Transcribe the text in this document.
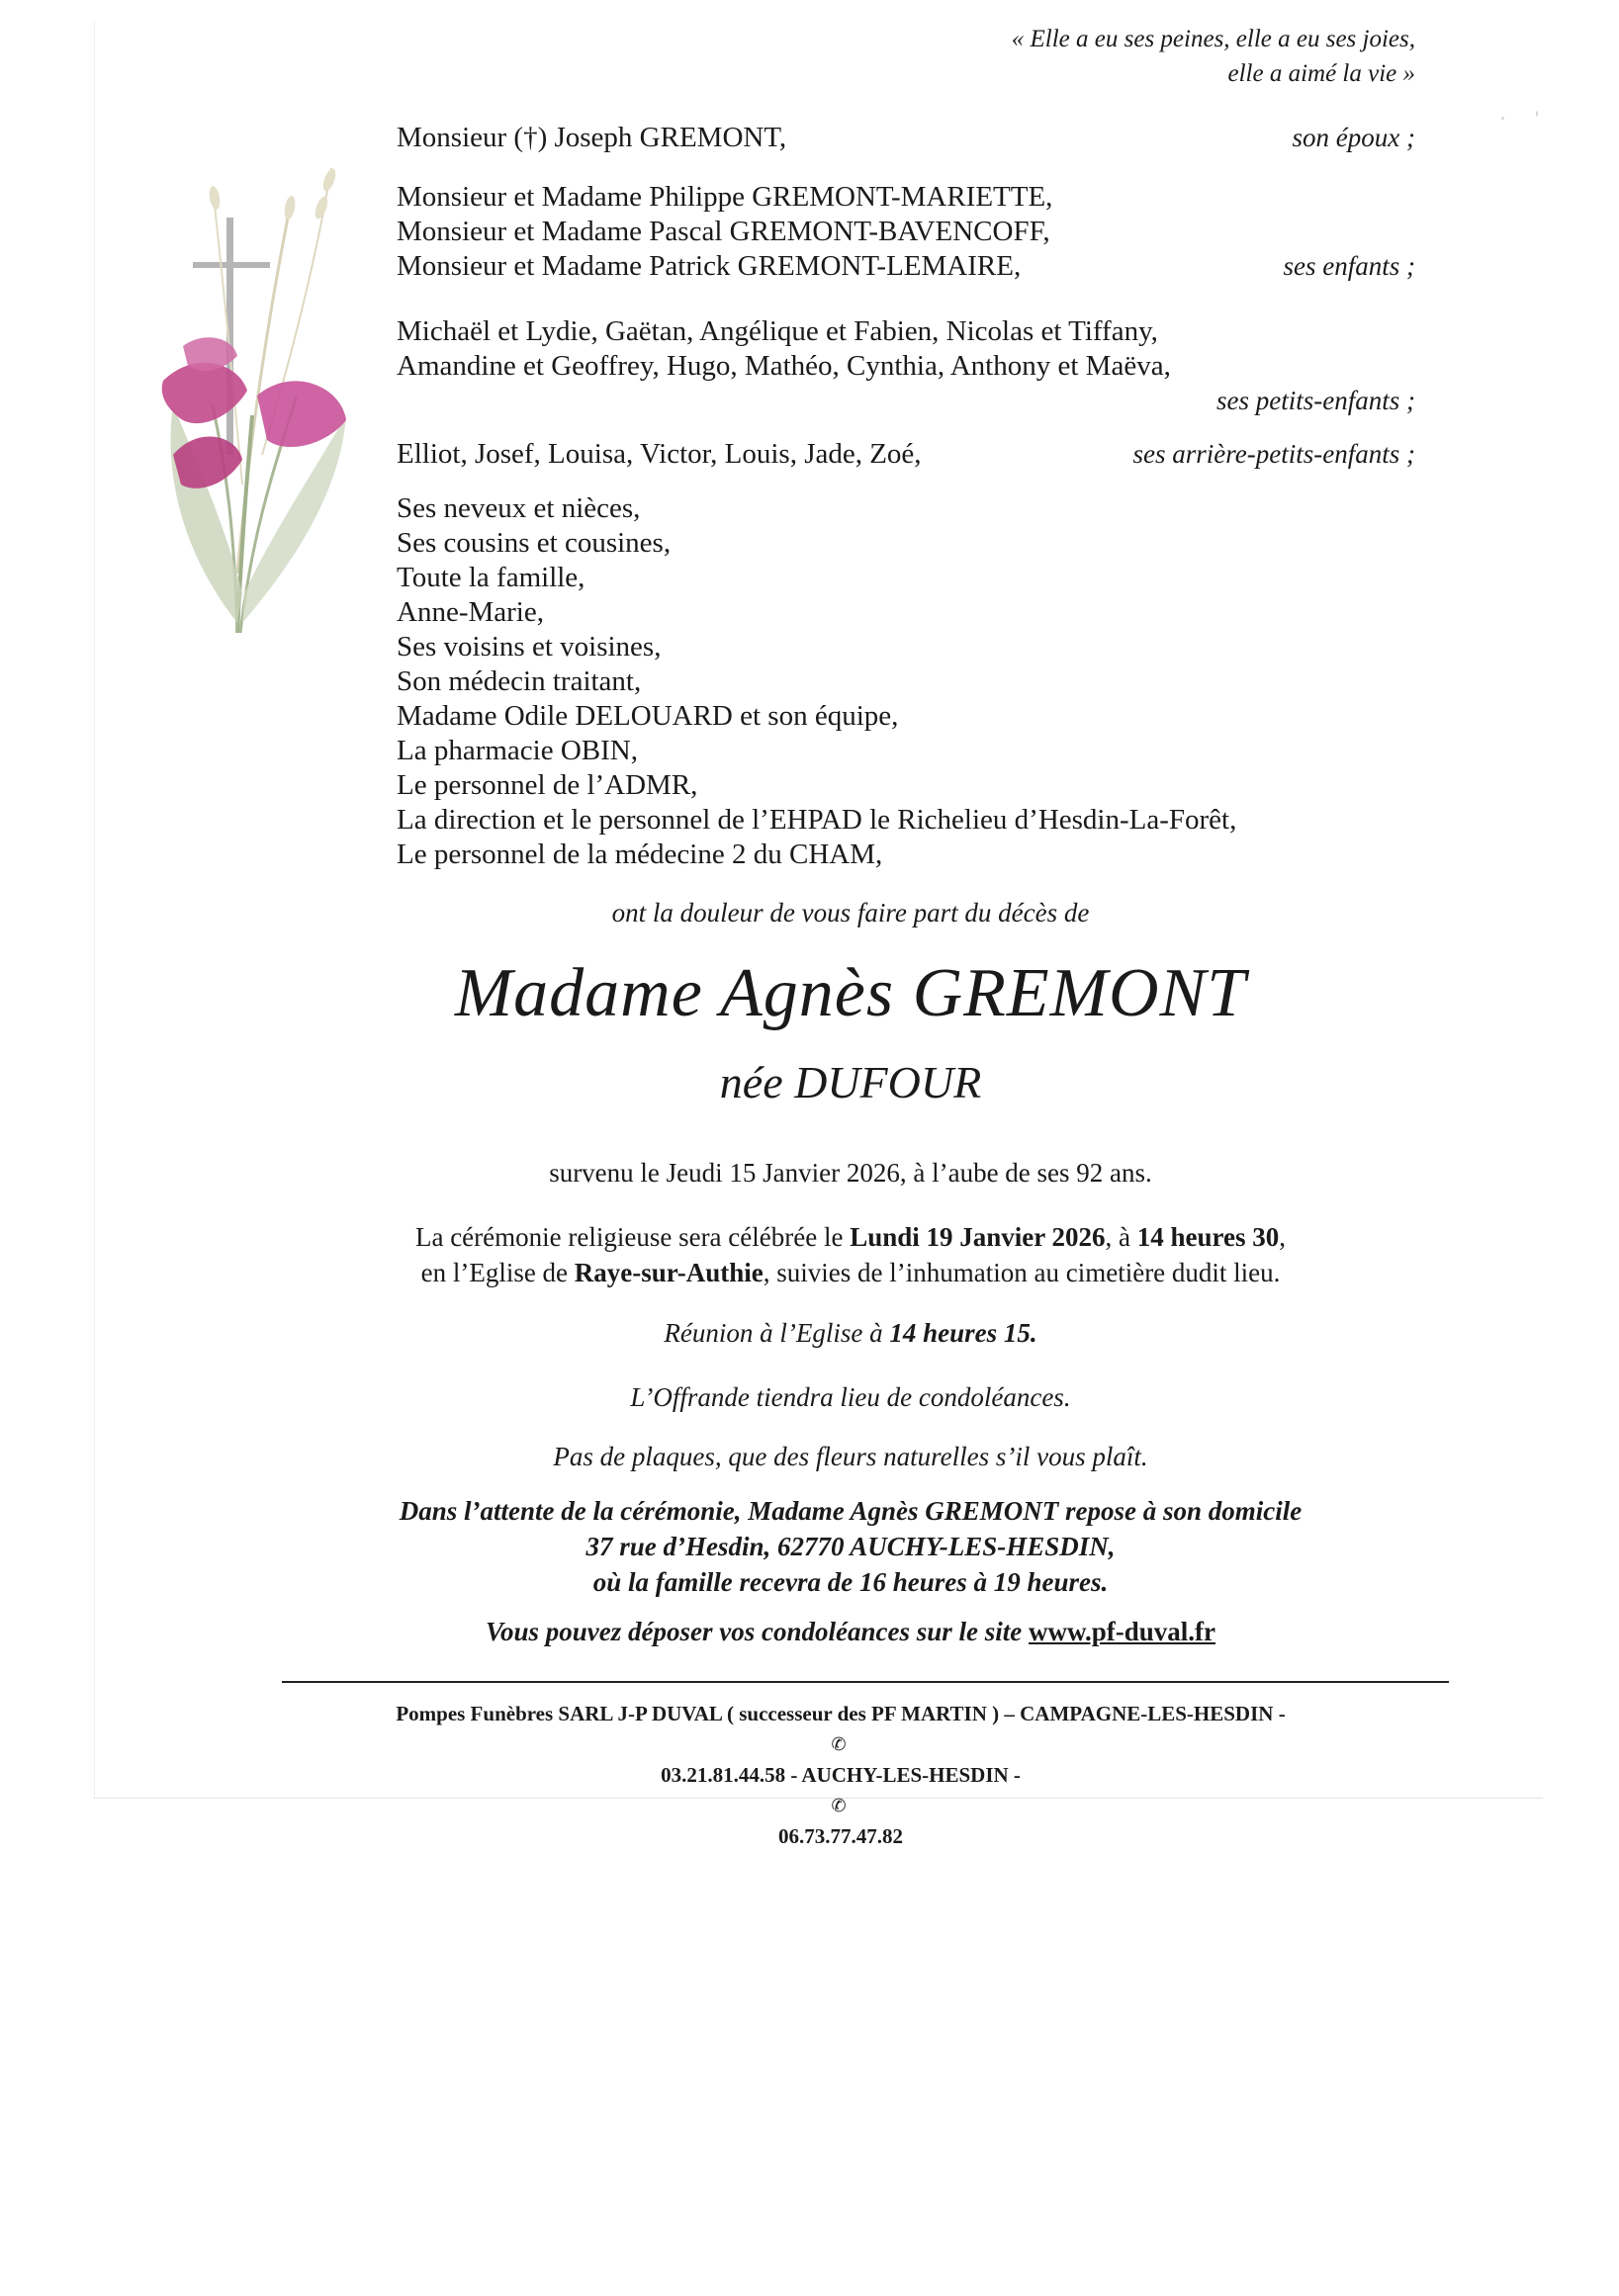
« Elle a eu ses peines, elle a eu ses joies,
elle a aimé la vie »
Monsieur (†) Joseph GREMONT,	son époux ;
Monsieur et Madame Philippe GREMONT-MARIETTE,
Monsieur et Madame Pascal GREMONT-BAVENCOFF,
Monsieur et Madame Patrick GREMONT-LEMAIRE,	ses enfants ;
Michaël et Lydie, Gaëtan, Angélique et Fabien, Nicolas et Tiffany,
Amandine et Geoffrey, Hugo, Mathéo, Cynthia, Anthony et Maëva,
ses petits-enfants ;
Elliot, Josef, Louisa, Victor, Louis, Jade, Zoé,	ses arrière-petits-enfants ;
Ses neveux et nièces,
Ses cousins et cousines,
Toute la famille,
Anne-Marie,
Ses voisins et voisines,
Son médecin traitant,
Madame Odile DELOUARD et son équipe,
La pharmacie OBIN,
Le personnel de l’ADMR,
La direction et le personnel de l’EHPAD le Richelieu d’Hesdin-La-Forêt,
Le personnel de la médecine 2 du CHAM,
ont la douleur de vous faire part du décès de
Madame Agnès GREMONT
née DUFOUR
survenu le Jeudi 15 Janvier 2026, à l’aube de ses 92 ans.
La cérémonie religieuse sera célébrée le Lundi 19 Janvier 2026, à 14 heures 30,
en l’Eglise de Raye-sur-Authie, suivies de l’inhumation au cimetière dudit lieu.
Réunion à l’Eglise à 14 heures 15.
L’Offrande tiendra lieu de condoléances.
Pas de plaques, que des fleurs naturelles s’il vous plaît.
Dans l’attente de la cérémonie, Madame Agnès GREMONT repose à son domicile
37 rue d’Hesdin, 62770 AUCHY-LES-HESDIN,
où la famille recevra de 16 heures à 19 heures.
Vous pouvez déposer vos condoléances sur le site www.pf-duval.fr
Pompes Funèbres SARL J-P DUVAL ( successeur des PF MARTIN ) – CAMPAGNE-LES-HESDIN -
✆
03.21.81.44.58 - AUCHY-LES-HESDIN -
✆
06.73.77.47.82
